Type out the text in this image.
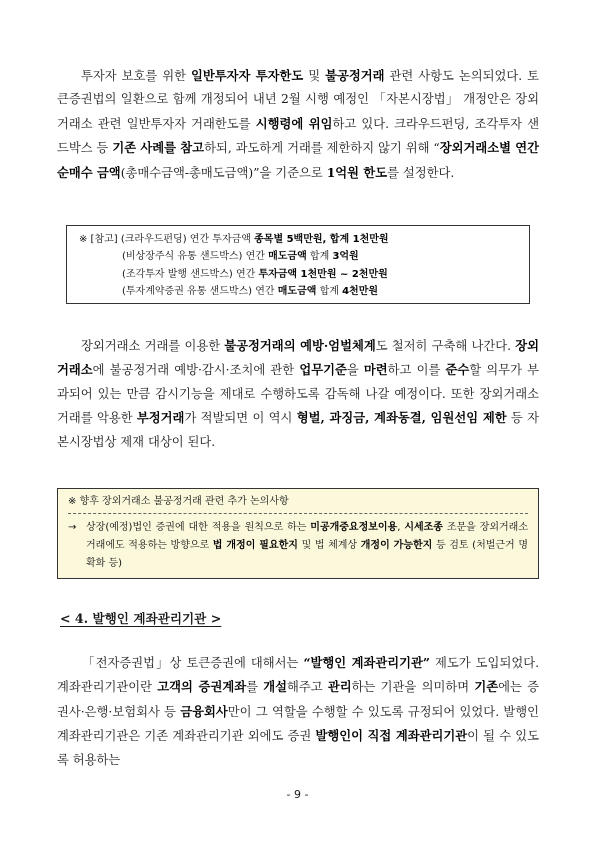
투자자 보호를 위한 일반투자자 투자한도 및 불공정거래 관련 사항도 논의되었다. 토큰증권법의 일환으로 함께 개정되어 내년 2월 시행 예정인 「자본시장법」 개정안은 장외거래소 관련 일반투자자 거래한도를 시행령에 위임하고 있다. 크라우드펀딩, 조각투자 샌드박스 등 기존 사례를 참고하되, 과도하게 거래를 제한하지 않기 위해 “장외거래소별 연간 순매수 금액(총매수금액-총매도금액)”을 기준으로 1억원 한도를 설정한다.

※ [참고] (크라우드펀딩) 연간 투자금액 종목별 5백만원, 합계 1천만원
(비상장주식 유통 샌드박스) 연간 매도금액 합계 3억원
(조각투자 발행 샌드박스) 연간 투자금액 1천만원 ~ 2천만원
(투자계약증권 유통 샌드박스) 연간 매도금액 합계 4천만원

장외거래소 거래를 이용한 불공정거래의 예방·엄벌체계도 철저히 구축해 나간다. 장외거래소에 불공정거래 예방·감시·조치에 관한 업무기준을 마련하고 이를 준수할 의무가 부과되어 있는 만큼 감시기능을 제대로 수행하도록 감독해 나갈 예정이다. 또한 장외거래소 거래를 악용한 부정거래가 적발되면 이 역시 형벌, 과징금, 계좌동결, 임원선임 제한 등 자본시장법상 제재 대상이 된다.

※ 향후 장외거래소 불공정거래 관련 추가 논의사항
→ 상장(예정)법인 증권에 대한 적용을 원칙으로 하는 미공개중요정보이용, 시세조종 조문을 장외거래소 거래에도 적용하는 방향으로 법 개정이 필요한지 및 법 체계상 개정이 가능한지 등 검토 (처벌근거 명확화 등)
< 4. 발행인 계좌관리기관 >

「전자증권법」상 토큰증권에 대해서는 “발행인 계좌관리기관” 제도가 도입되었다. 계좌관리기관이란 고객의 증권계좌를 개설해주고 관리하는 기관을 의미하며 기존에는 증권사·은행·보험회사 등 금융회사만이 그 역할을 수행할 수 있도록 규정되어 있었다. 발행인 계좌관리기관은 기존 계좌관리기관 외에도 증권 발행인이 직접 계좌관리기관이 될 수 있도록 허용하는

- 9 -
